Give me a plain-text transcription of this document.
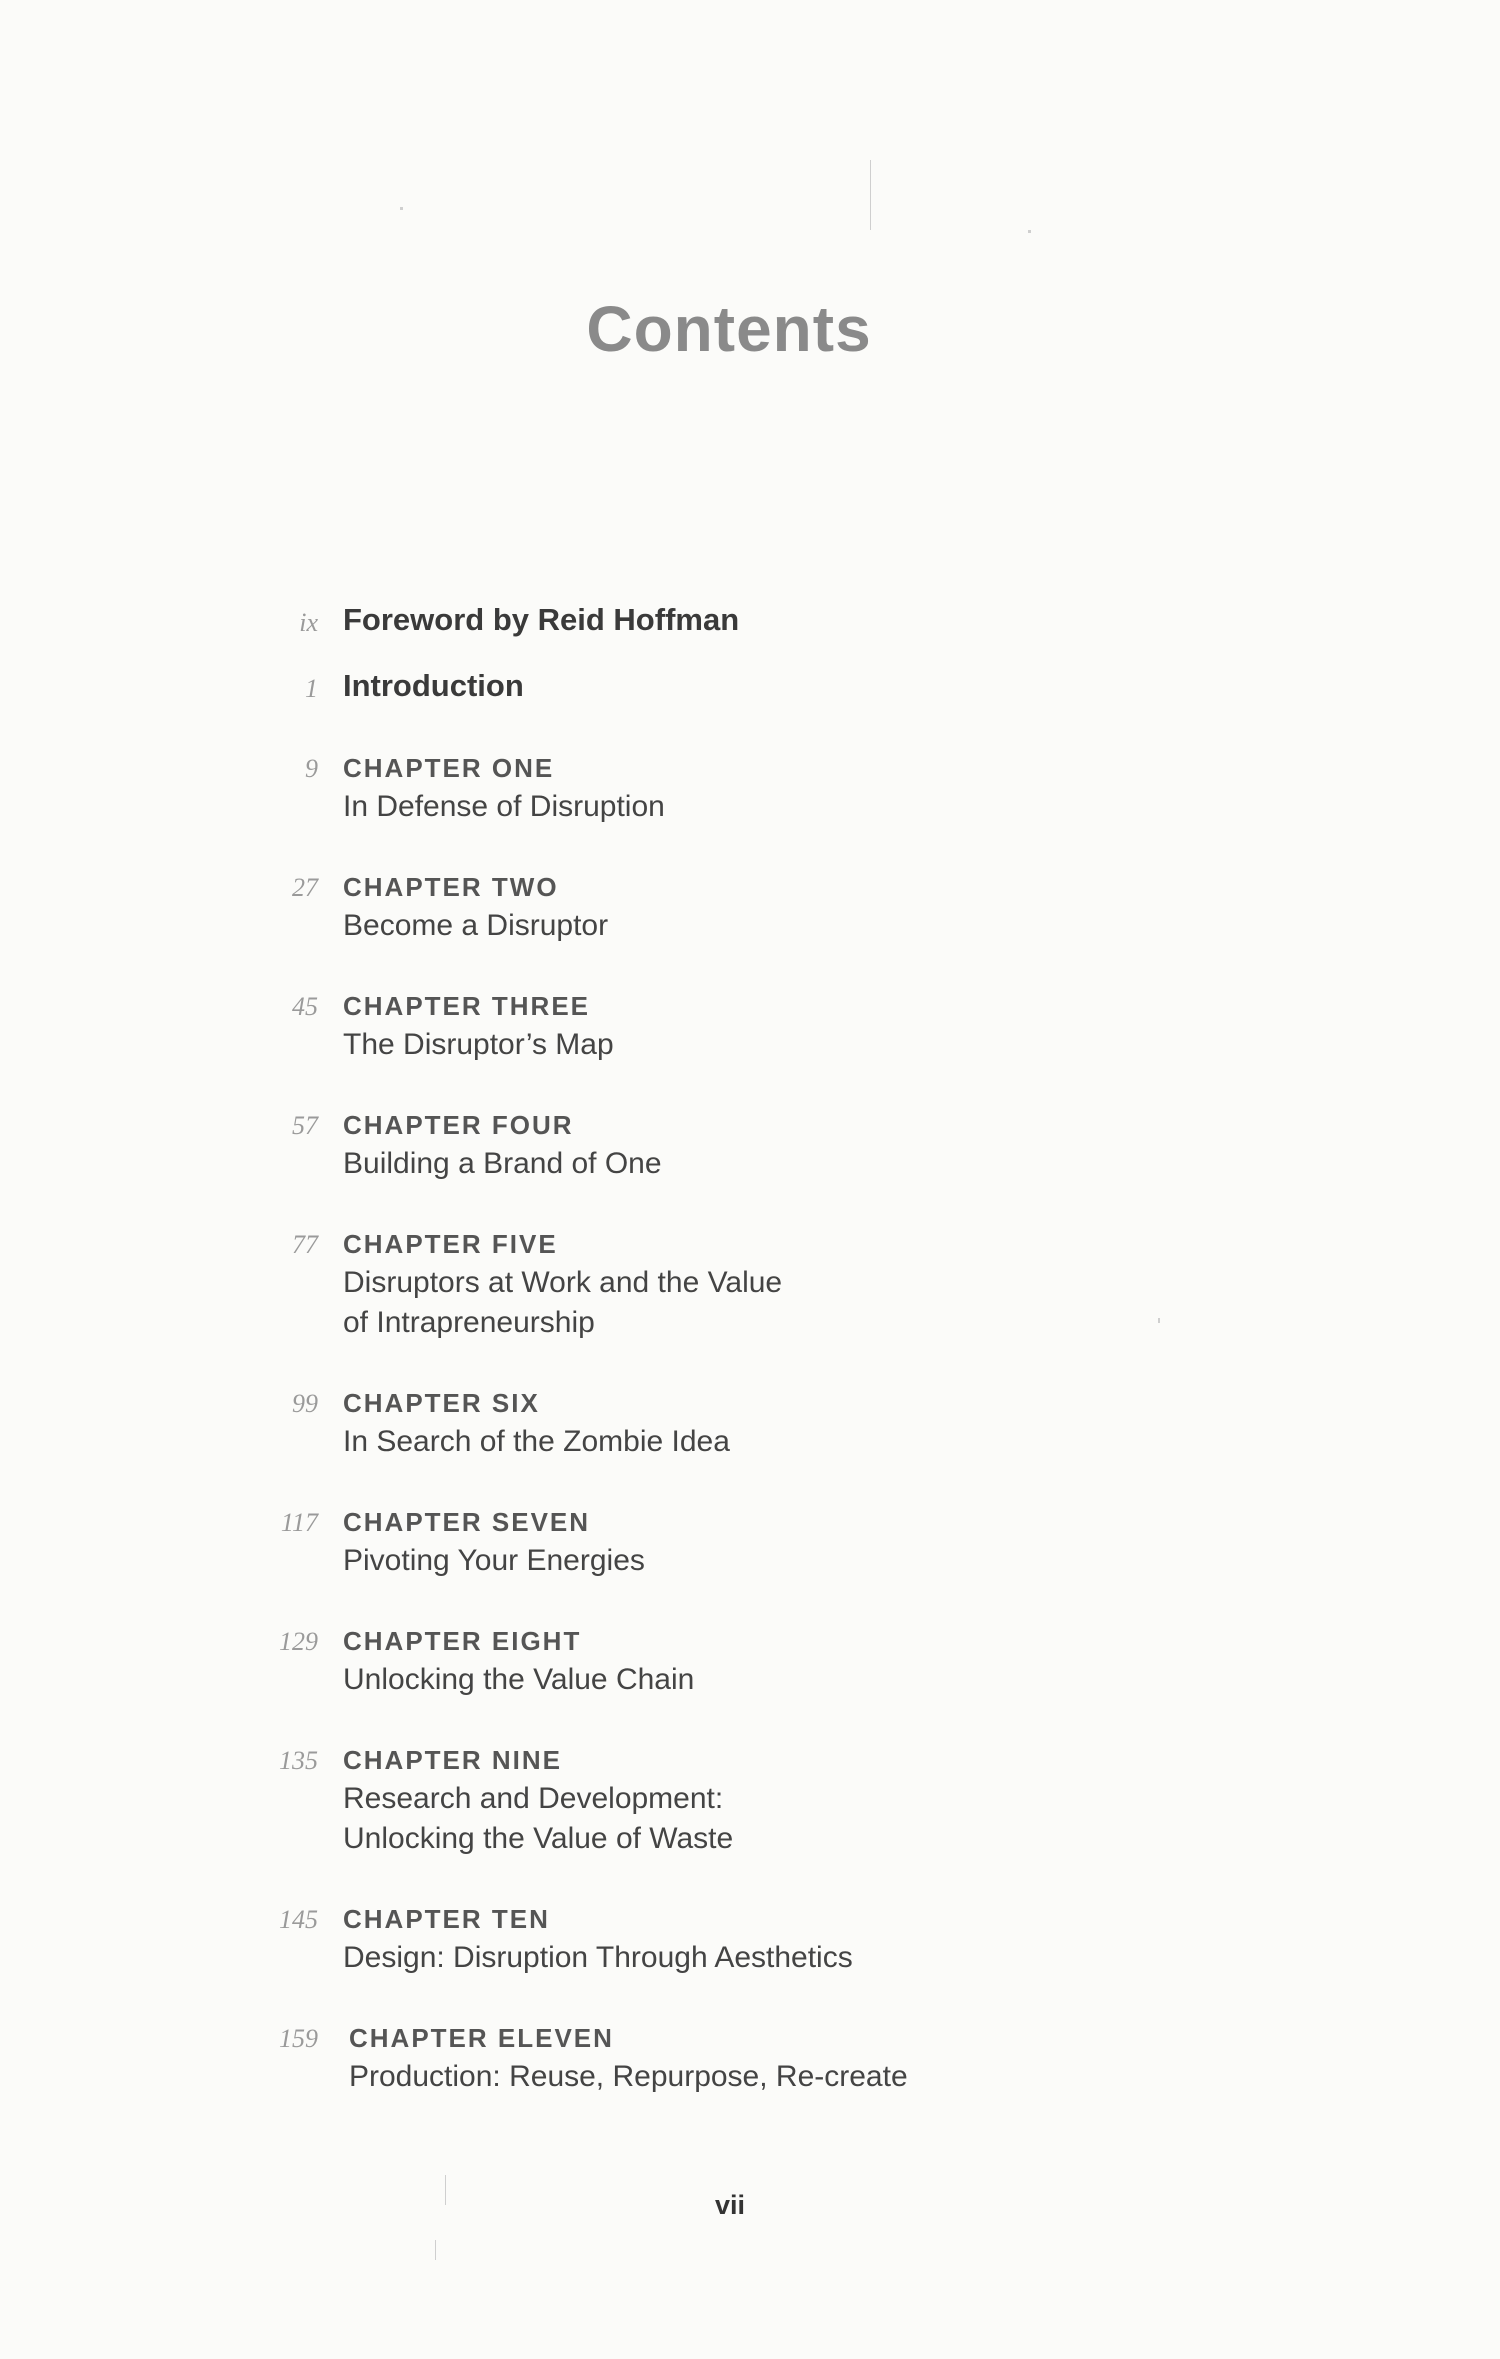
Contents
ix Foreword by Reid Hoffman

1 Introduction

9 CHAPTER ONE

In Defense of Disruption

27 CHAPTER TWO

Become a Disruptor

45 CHAPTER THREE

The Disruptor’s Map

57 CHAPTER FOUR

Building a Brand of One

77 CHAPTER FIVE

Disruptors at Work and the Value

of Intrapreneurship

99 CHAPTER SIX

In Search of the Zombie Idea

117 CHAPTER SEVEN

Pivoting Your Energies

129 CHAPTER EIGHT

Unlocking the Value Chain

135 CHAPTER NINE

Research and Development:

Unlocking the Value of Waste

145 CHAPTER TEN

Design: Disruption Through Aesthetics

159 CHAPTER ELEVEN

Production: Reuse, Repurpose, Re-create

vii
